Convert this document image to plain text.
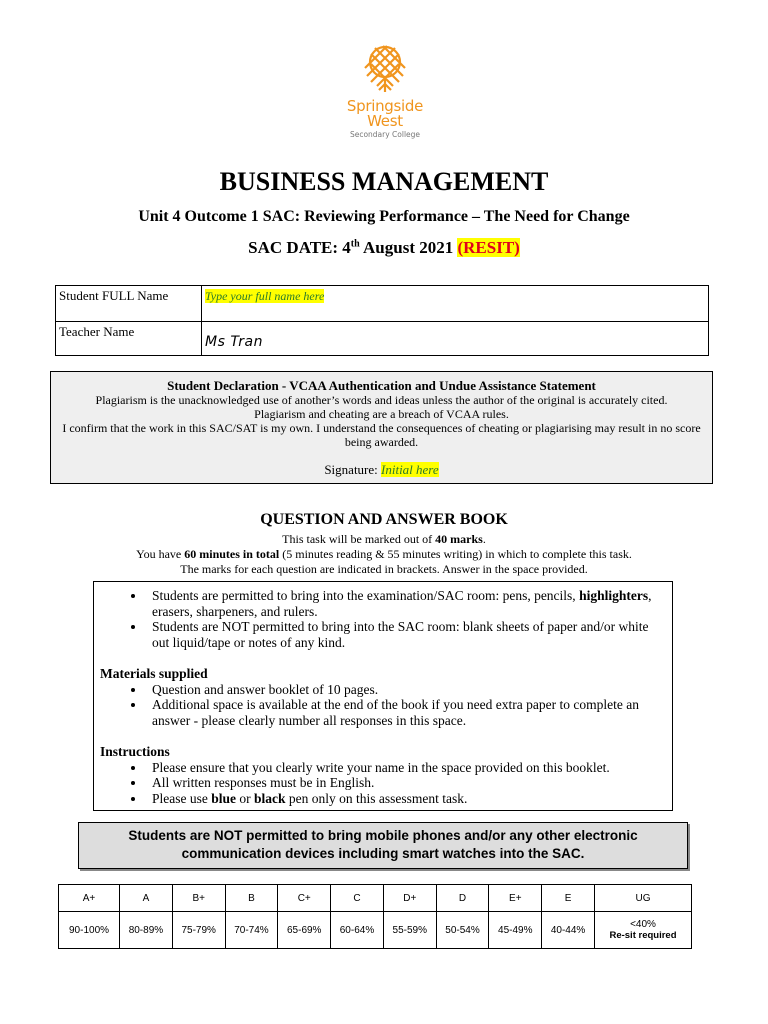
Springside
West
Secondary College
BUSINESS MANAGEMENT
Unit 4 Outcome 1 SAC: Reviewing Performance – The Need for Change
SAC DATE: 4th August 2021 (RESIT)
Student FULL Name	Type your full name here
Teacher Name	Ms Tran
Student Declaration - VCAA Authentication and Undue Assistance Statement
Plagiarism is the unacknowledged use of another’s words and ideas unless the author of the original is accurately cited.
Plagiarism and cheating are a breach of VCAA rules.
I confirm that the work in this SAC/SAT is my own. I understand the consequences of cheating or plagiarising may result in no score being awarded.
Signature: Initial here
QUESTION AND ANSWER BOOK
This task will be marked out of 40 marks.
You have 60 minutes in total (5 minutes reading & 55 minutes writing) in which to complete this task.
The marks for each question are indicated in brackets. Answer in the space provided.
• Students are permitted to bring into the examination/SAC room: pens, pencils, highlighters, erasers, sharpeners, and rulers.
• Students are NOT permitted to bring into the SAC room: blank sheets of paper and/or white out liquid/tape or notes of any kind.
Materials supplied
• Question and answer booklet of 10 pages.
• Additional space is available at the end of the book if you need extra paper to complete an answer - please clearly number all responses in this space.
Instructions
• Please ensure that you clearly write your name in the space provided on this booklet.
• All written responses must be in English.
• Please use blue or black pen only on this assessment task.
Students are NOT permitted to bring mobile phones and/or any other electronic
communication devices including smart watches into the SAC.
A+	A	B+	B	C+	C	D+	D	E+	E	UG
90-100%	80-89%	75-79%	70-74%	65-69%	60-64%	55-59%	50-54%	45-49%	40-44%	<40%
Re-sit required
